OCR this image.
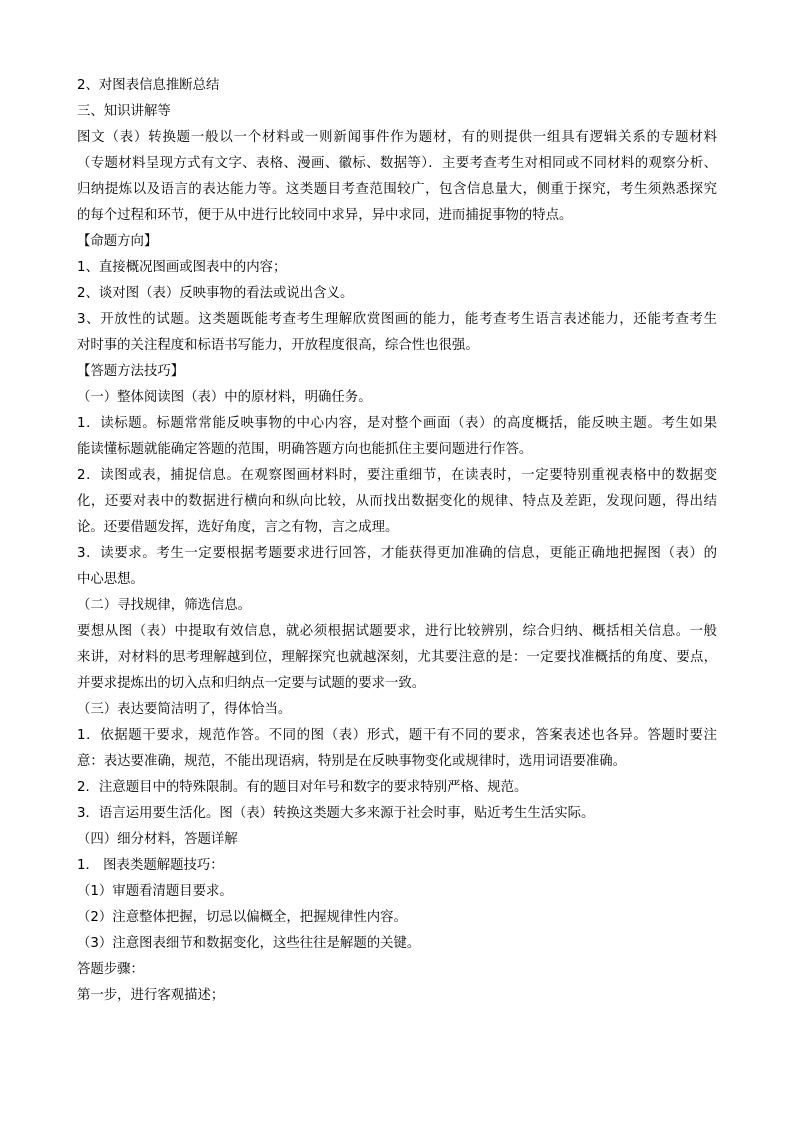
2、对图表信息推断总结
三、知识讲解等
图文（表）转换题一般以一个材料或一则新闻事件作为题材，有的则提供一组具有逻辑关系的专题材料
（专题材料呈现方式有文字、表格、漫画、徽标、数据等）．主要考查考生对相同或不同材料的观察分析、
归纳提炼以及语言的表达能力等。这类题目考查范围较广，包含信息量大，侧重于探究，考生须熟悉探究
的每个过程和环节，便于从中进行比较同中求异，异中求同，进而捕捉事物的特点。
【命题方向】
1、直接概况图画或图表中的内容；
2、谈对图（表）反映事物的看法或说出含义。
3、开放性的试题。这类题既能考查考生理解欣赏图画的能力，能考查考生语言表述能力，还能考查考生
对时事的关注程度和标语书写能力，开放程度很高，综合性也很强。
【答题方法技巧】
（一）整体阅读图（表）中的原材料，明确任务。
1．读标题。标题常常能反映事物的中心内容，是对整个画面（表）的高度概括，能反映主题。考生如果
能读懂标题就能确定答题的范围，明确答题方向也能抓住主要问题进行作答。
2．读图或表，捕捉信息。在观察图画材料时，要注重细节，在读表时，一定要特别重视表格中的数据变
化，还要对表中的数据进行横向和纵向比较，从而找出数据变化的规律、特点及差距，发现问题，得出结
论。还要借题发挥，选好角度，言之有物，言之成理。
3．读要求。考生一定要根据考题要求进行回答，才能获得更加准确的信息，更能正确地把握图（表）的
中心思想。
（二）寻找规律，筛选信息。
要想从图（表）中提取有效信息，就必须根据试题要求，进行比较辨别，综合归纳、概括相关信息。一般
来讲，对材料的思考理解越到位，理解探究也就越深刻，尤其要注意的是：一定要找准概括的角度、要点，
并要求提炼出的切入点和归纳点一定要与试题的要求一致。
（三）表达要简洁明了，得体恰当。
1．依据题干要求，规范作答。不同的图（表）形式，题干有不同的要求，答案表述也各异。答题时要注
意：表达要准确，规范，不能出现语病，特别是在反映事物变化或规律时，选用词语要准确。
2．注意题目中的特殊限制。有的题目对年号和数字的要求特别严格、规范。
3．语言运用要生活化。图（表）转换这类题大多来源于社会时事，贴近考生生活实际。
（四）细分材料，答题详解
1． 图表类题解题技巧：
（1）审题看清题目要求。
（2）注意整体把握，切忌以偏概全，把握规律性内容。
（3）注意图表细节和数据变化，这些往往是解题的关键。
答题步骤：
第一步，进行客观描述；
